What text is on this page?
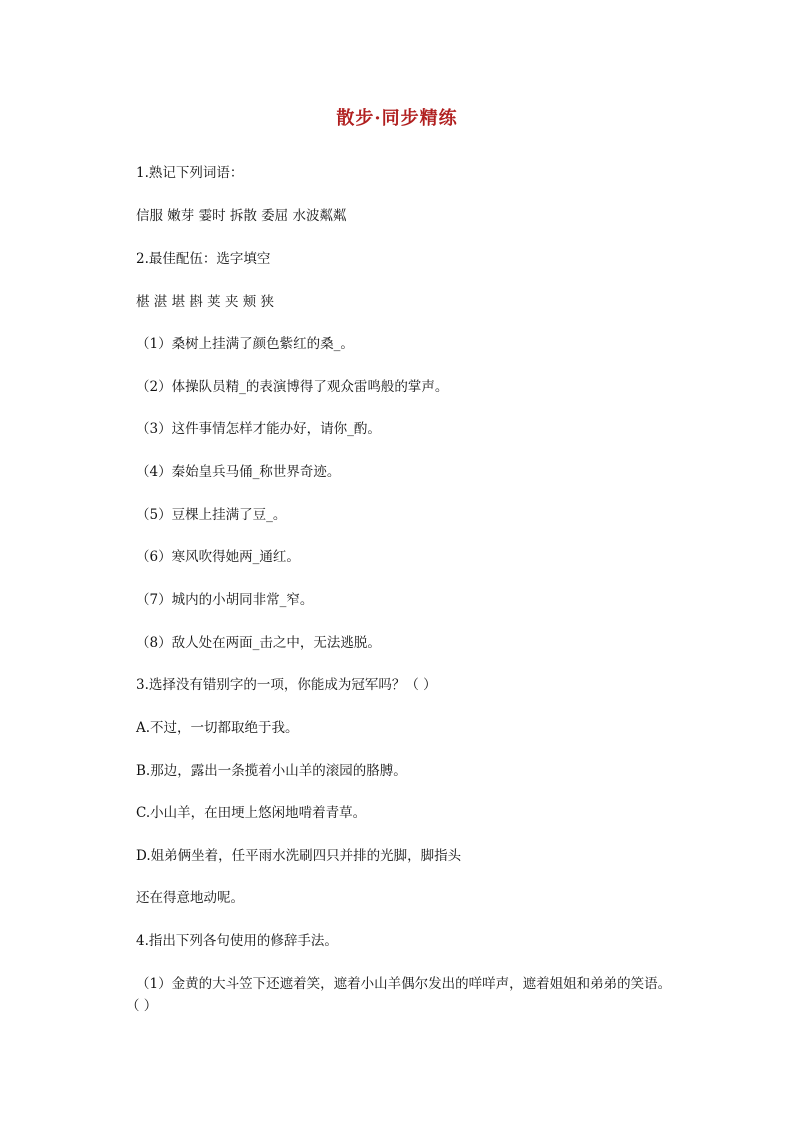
散步·同步精练
1.熟记下列词语：
信服 嫩芽 霎时 拆散 委屈 水波粼粼
2.最佳配伍：选字填空
椹 湛 堪 斟 荚 夹 颊 狭
（1）桑树上挂满了颜色紫红的桑_。
（2）体操队员精_的表演博得了观众雷鸣般的掌声。
（3）这件事情怎样才能办好，请你_酌。
（4）秦始皇兵马俑_称世界奇迹。
（5）豆棵上挂满了豆_。
（6）寒风吹得她两_通红。
（7）城内的小胡同非常_窄。
（8）敌人处在两面_击之中，无法逃脱。
3.选择没有错别字的一项，你能成为冠军吗？（ ）
A.不过，一切都取绝于我。
B.那边，露出一条揽着小山羊的滚园的胳膊。
C.小山羊，在田埂上悠闲地啃着青草。
D.姐弟俩坐着，任平雨水洗刷四只并排的光脚，脚指头
还在得意地动呢。
4.指出下列各句使用的修辞手法。
（1）金黄的大斗笠下还遮着笑，遮着小山羊偶尔发出的咩咩声，遮着姐姐和弟弟的笑语。
（ ）
